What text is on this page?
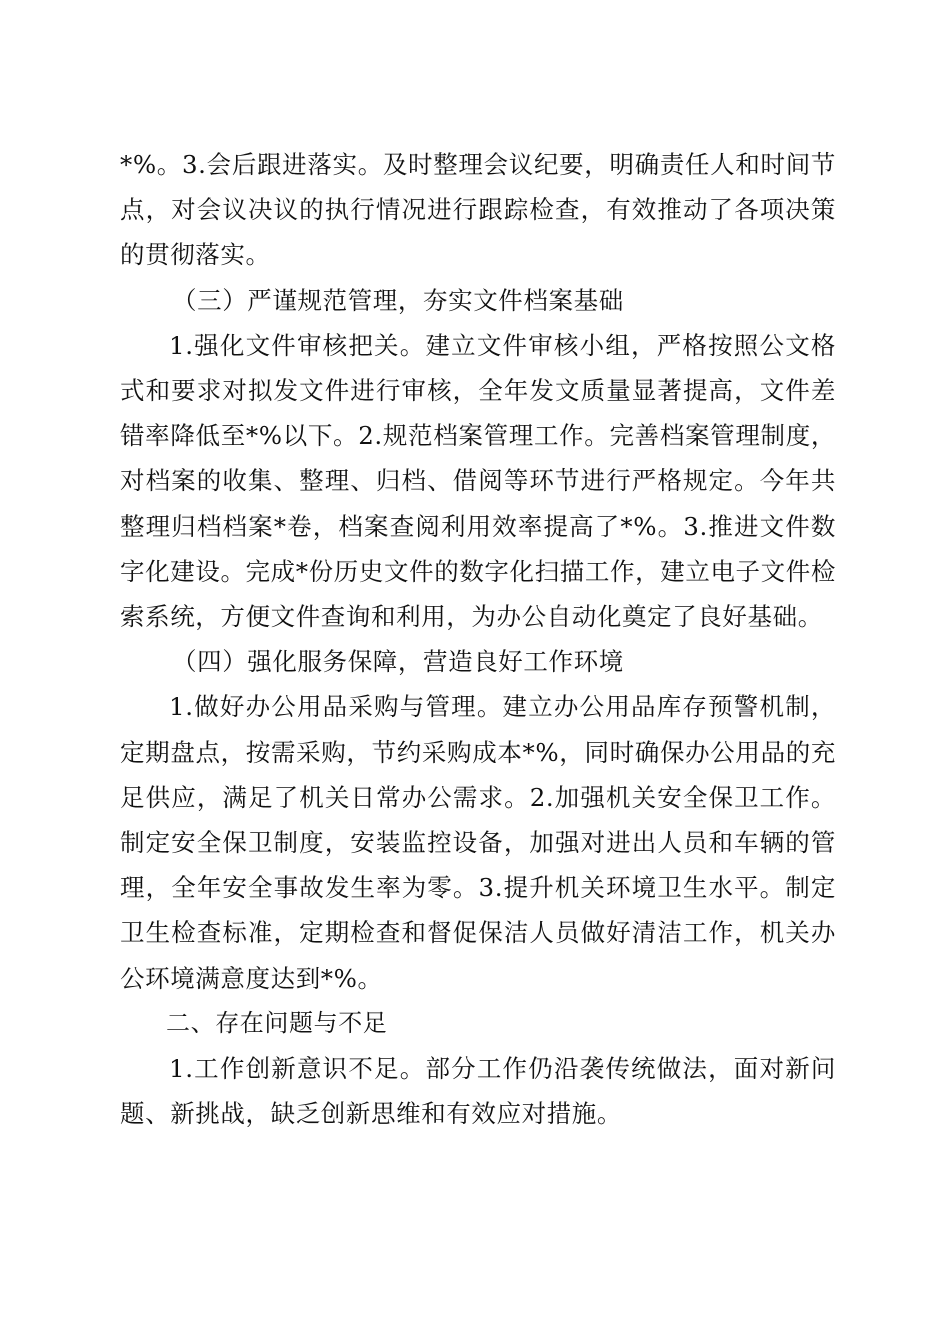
*%。3.会后跟进落实。及时整理会议纪要，明确责任人和时间节点，对会议决议的执行情况进行跟踪检查，有效推动了各项决策的贯彻落实。

（三）严谨规范管理，夯实文件档案基础

1.强化文件审核把关。建立文件审核小组，严格按照公文格式和要求对拟发文件进行审核，全年发文质量显著提高，文件差错率降低至*%以下。2.规范档案管理工作。完善档案管理制度，对档案的收集、整理、归档、借阅等环节进行严格规定。今年共整理归档档案*卷，档案查阅利用效率提高了*%。3.推进文件数字化建设。完成*份历史文件的数字化扫描工作，建立电子文件检索系统，方便文件查询和利用，为办公自动化奠定了良好基础。

（四）强化服务保障，营造良好工作环境

1.做好办公用品采购与管理。建立办公用品库存预警机制，定期盘点，按需采购，节约采购成本*%，同时确保办公用品的充足供应，满足了机关日常办公需求。2.加强机关安全保卫工作。制定安全保卫制度，安装监控设备，加强对进出人员和车辆的管理，全年安全事故发生率为零。3.提升机关环境卫生水平。制定卫生检查标准，定期检查和督促保洁人员做好清洁工作，机关办公环境满意度达到*%。

二、存在问题与不足

1.工作创新意识不足。部分工作仍沿袭传统做法，面对新问题、新挑战，缺乏创新思维和有效应对措施。
